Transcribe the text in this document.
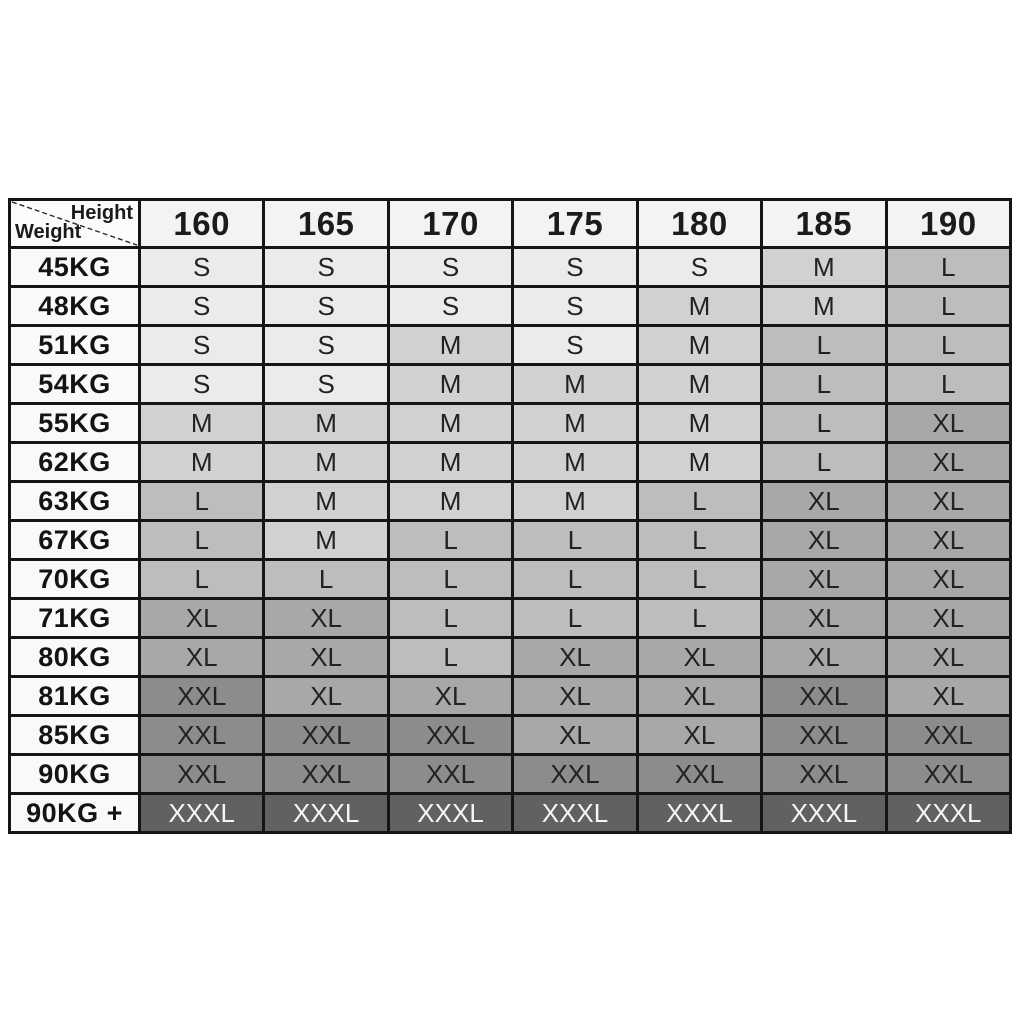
Height
Weight	160	165	170	175	180	185	190
45KG	S	S	S	S	S	M	L
48KG	S	S	S	S	M	M	L
51KG	S	S	M	S	M	L	L
54KG	S	S	M	M	M	L	L
55KG	M	M	M	M	M	L	XL
62KG	M	M	M	M	M	L	XL
63KG	L	M	M	M	L	XL	XL
67KG	L	M	L	L	L	XL	XL
70KG	L	L	L	L	L	XL	XL
71KG	XL	XL	L	L	L	XL	XL
80KG	XL	XL	L	XL	XL	XL	XL
81KG	XXL	XL	XL	XL	XL	XXL	XL
85KG	XXL	XXL	XXL	XL	XL	XXL	XXL
90KG	XXL	XXL	XXL	XXL	XXL	XXL	XXL
90KG +	XXXL	XXXL	XXXL	XXXL	XXXL	XXXL	XXXL
